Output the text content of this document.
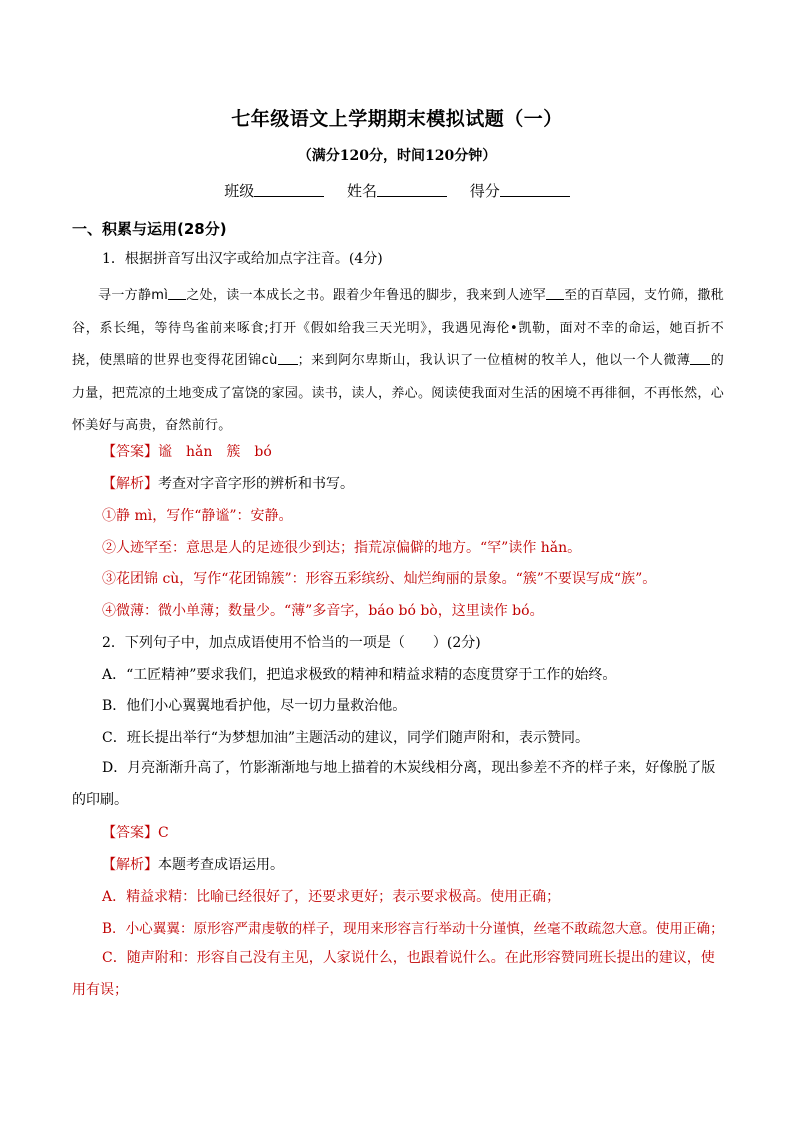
七年级语文上学期期末模拟试题（一）
（满分120分，时间120分钟）
班级	姓名	得分
一、积累与运用(28分)
1．根据拼音写出汉字或给加点字注音。(4分)

寻一方静mì 之处，读一本成长之书。跟着少年鲁迅的脚步，我来到人迹罕 至的百草园，支竹筛，撒秕谷，系长绳，等待鸟雀前来啄食;打开《假如给我三天光明》，我遇见海伦•凯勒，面对不幸的命运，她百折不挠，使黑暗的世界也变得花团锦cù ；来到阿尔卑斯山，我认识了一位植树的牧羊人，他以一个人微薄 的力量，把荒凉的土地变成了富饶的家园。读书，读人，养心。阅读使我面对生活的困境不再徘徊，不再怅然，心怀美好与高贵，奋然前行。

【答案】谧　hǎn　簇　bó
【解析】考查对字音字形的辨析和书写。
①静 mì，写作“静谧”：安静。
②人迹罕至：意思是人的足迹很少到达；指荒凉偏僻的地方。“罕”读作 hǎn。
③花团锦 cù，写作“花团锦簇”：形容五彩缤纷、灿烂绚丽的景象。“簇”不要误写成“族”。
④微薄：微小单薄；数量少。“薄”多音字，báo bó bò，这里读作 bó。
2．下列句子中，加点成语使用不恰当的一项是（　　）(2分)
A．“工匠精神”要求我们，把追求极致的精神和精益求精的态度贯穿于工作的始终。
B．他们小心翼翼地看护他，尽一切力量救治他。
C．班长提出举行“为梦想加油”主题活动的建议，同学们随声附和，表示赞同。

D．月亮渐渐升高了，竹影渐渐地与地上描着的木炭线相分离，现出参差不齐的样子来，好像脱了版的印刷。

【答案】C
【解析】本题考查成语运用。
A．精益求精：比喻已经很好了，还要求更好；表示要求极高。使用正确；
B．小心翼翼：原形容严肃虔敬的样子，现用来形容言行举动十分谨慎，丝毫不敢疏忽大意。使用正确；

C．随声附和：形容自己没有主见，人家说什么，也跟着说什么。在此形容赞同班长提出的建议，使用有误；
